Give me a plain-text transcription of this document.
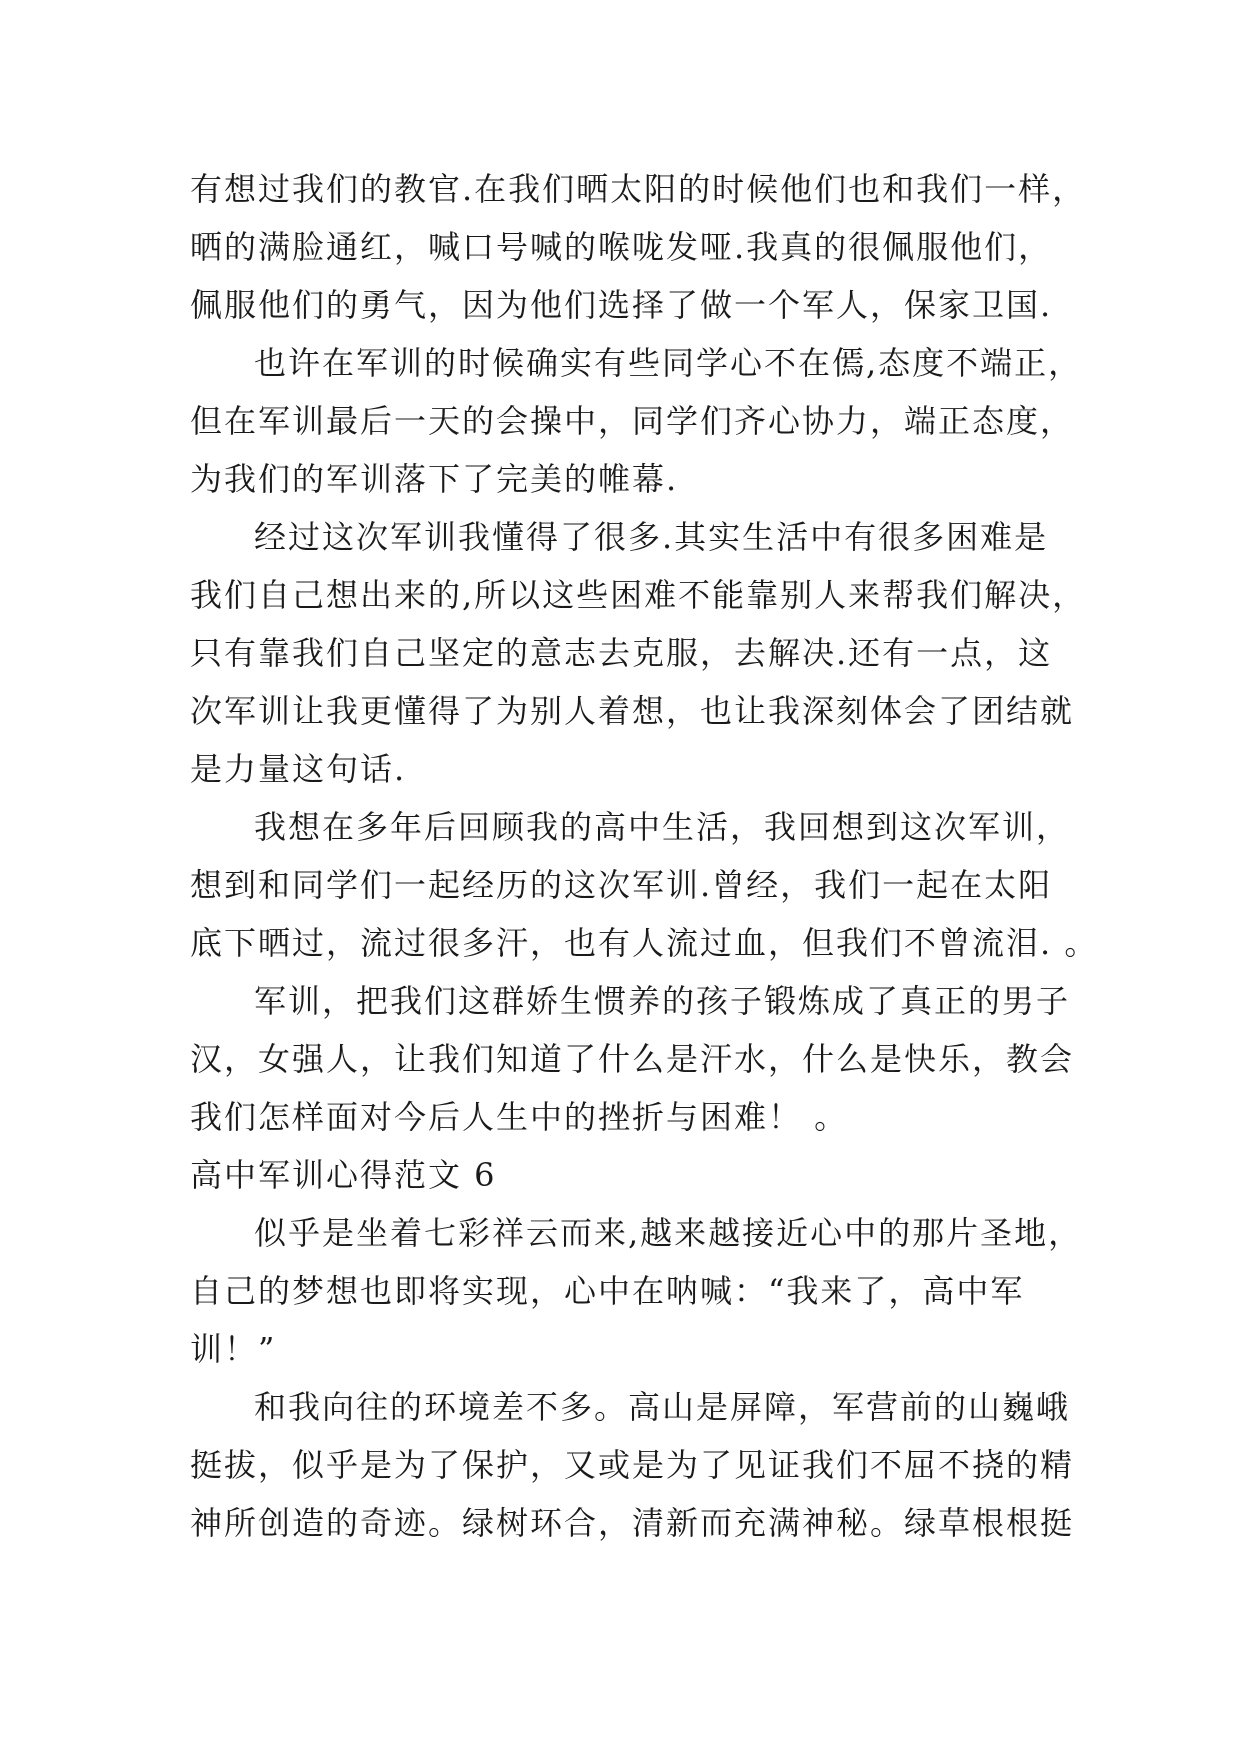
有想过我们的教官.在我们晒太阳的时候他们也和我们一样，
晒的满脸通红，喊口号喊的喉咙发哑.我真的很佩服他们，
佩服他们的勇气，因为他们选择了做一个军人，保家卫国.
也许在军训的时候确实有些同学心不在傿,态度不端正，
但在军训最后一天的会操中，同学们齐心协力，端正态度，
为我们的军训落下了完美的帷幕.
经过这次军训我懂得了很多.其实生活中有很多困难是
我们自己想出来的,所以这些困难不能靠别人来帮我们解决，
只有靠我们自己坚定的意志去克服，去解决.还有一点，这
次军训让我更懂得了为别人着想，也让我深刻体会了团结就
是力量这句话.
我想在多年后回顾我的高中生活，我回想到这次军训，
想到和同学们一起经历的这次军训.曾经，我们一起在太阳
底下晒过，流过很多汗，也有人流过血，但我们不曾流泪. 。
军训，把我们这群娇生惯养的孩子锻炼成了真正的男子
汉，女强人，让我们知道了什么是汗水，什么是快乐，教会
我们怎样面对今后人生中的挫折与困难！ 。
高中军训心得范文 6
似乎是坐着七彩祥云而来,越来越接近心中的那片圣地，
自己的梦想也即将实现，心中在呐喊：“我来了，高中军
训！”
和我向往的环境差不多。高山是屏障，军营前的山巍峨
挺拔，似乎是为了保护，又或是为了见证我们不屈不挠的精
神所创造的奇迹。绿树环合，清新而充满神秘。绿草根根挺
